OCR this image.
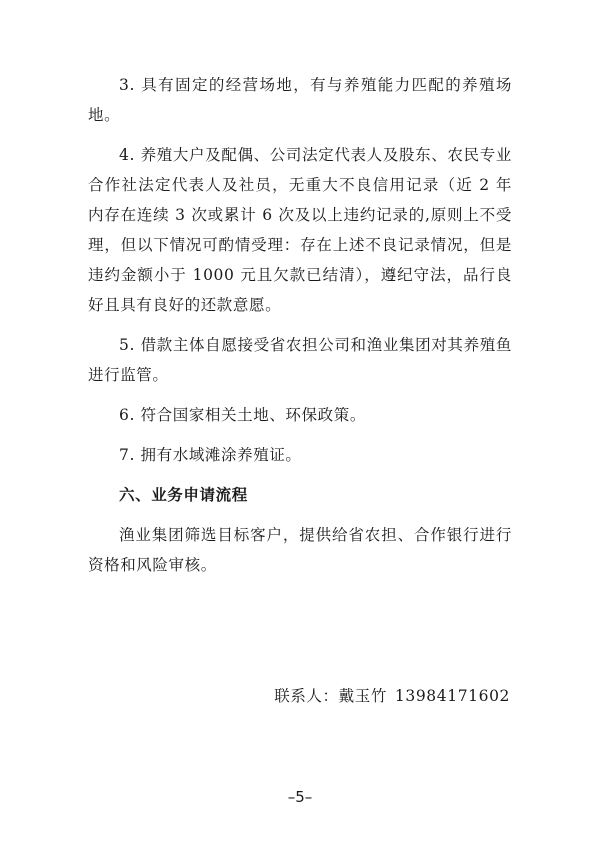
3. 具有固定的经营场地，有与养殖能力匹配的养殖场地。

4. 养殖大户及配偶、公司法定代表人及股东、农民专业合作社法定代表人及社员，无重大不良信用记录（近 2 年内存在连续 3 次或累计 6 次及以上违约记录的,原则上不受理，但以下情况可酌情受理：存在上述不良记录情况，但是违约金额小于 1000 元且欠款已结清），遵纪守法，品行良好且具有良好的还款意愿。

5. 借款主体自愿接受省农担公司和渔业集团对其养殖鱼进行监管。

6. 符合国家相关土地、环保政策。

7. 拥有水域滩涂养殖证。

六、业务申请流程

渔业集团筛选目标客户，提供给省农担、合作银行进行资格和风险审核。

联系人：戴玉竹 13984171602
–5–
